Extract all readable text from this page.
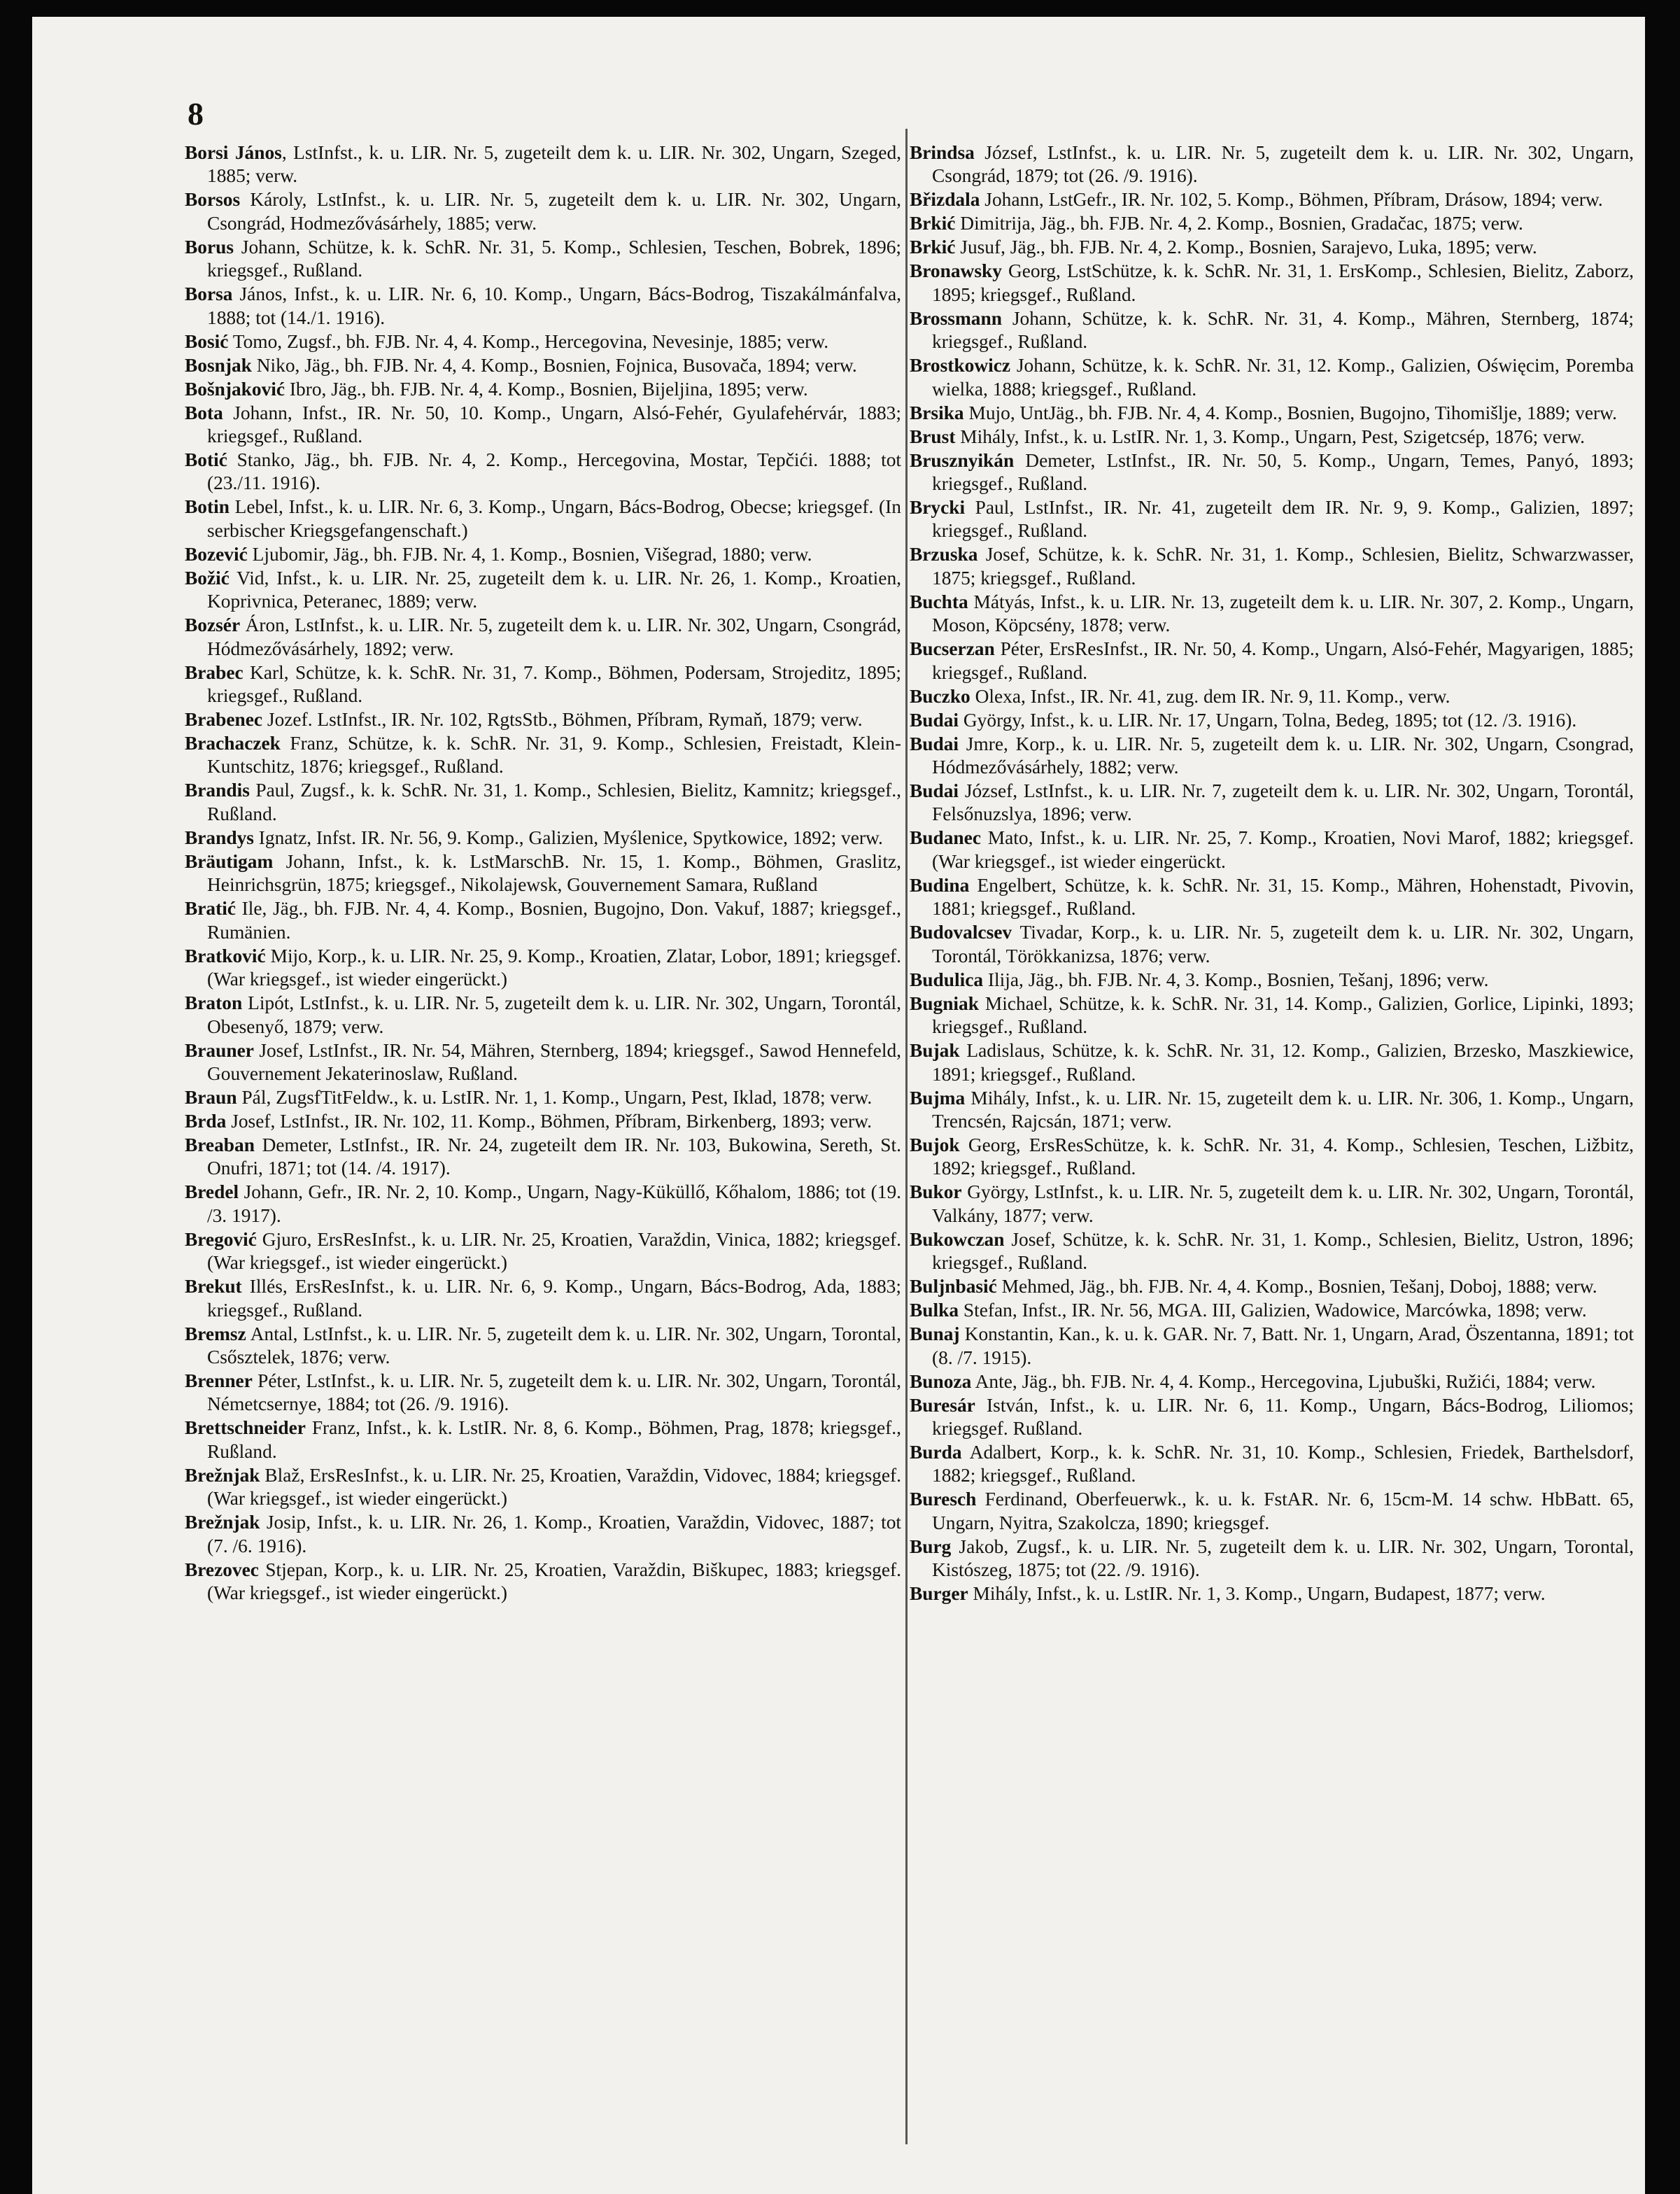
8

Borsi János, LstInfst., k. u. LIR. Nr. 5, zugeteilt dem k. u. LIR. Nr. 302, Ungarn, Szeged, 1885; verw.

Borsos Károly, LstInfst., k. u. LIR. Nr. 5, zugeteilt dem k. u. LIR. Nr. 302, Ungarn, Csongrád, Hodmezővásárhely, 1885; verw.

Borus Johann, Schütze, k. k. SchR. Nr. 31, 5. Komp., Schlesien, Teschen, Bobrek, 1896; kriegsgef., Rußland.

Borsa János, Infst., k. u. LIR. Nr. 6, 10. Komp., Ungarn, Bács-Bodrog, Tiszakálmánfalva, 1888; tot (14./1. 1916).

Bosić Tomo, Zugsf., bh. FJB. Nr. 4, 4. Komp., Hercegovina, Nevesinje, 1885; verw.

Bosnjak Niko, Jäg., bh. FJB. Nr. 4, 4. Komp., Bosnien, Fojnica, Busovača, 1894; verw.

Bošnjaković Ibro, Jäg., bh. FJB. Nr. 4, 4. Komp., Bosnien, Bijeljina, 1895; verw.

Bota Johann, Infst., IR. Nr. 50, 10. Komp., Ungarn, Alsó-Fehér, Gyulafehérvár, 1883; kriegsgef., Rußland.

Botić Stanko, Jäg., bh. FJB. Nr. 4, 2. Komp., Hercegovina, Mostar, Tepčići. 1888; tot (23./11. 1916).

Botin Lebel, Infst., k. u. LIR. Nr. 6, 3. Komp., Ungarn, Bács-Bodrog, Obecse; kriegsgef. (In serbischer Kriegsgefangenschaft.)

Bozević Ljubomir, Jäg., bh. FJB. Nr. 4, 1. Komp., Bosnien, Višegrad, 1880; verw.

Božić Vid, Infst., k. u. LIR. Nr. 25, zugeteilt dem k. u. LIR. Nr. 26, 1. Komp., Kroatien, Koprivnica, Peteranec, 1889; verw.

Bozsér Áron, LstInfst., k. u. LIR. Nr. 5, zugeteilt dem k. u. LIR. Nr. 302, Ungarn, Csongrád, Hódmezővásárhely, 1892; verw.

Brabec Karl, Schütze, k. k. SchR. Nr. 31, 7. Komp., Böhmen, Podersam, Strojeditz, 1895; kriegsgef., Rußland.

Brabenec Jozef. LstInfst., IR. Nr. 102, RgtsStb., Böhmen, Příbram, Rymaň, 1879; verw.

Brachaczek Franz, Schütze, k. k. SchR. Nr. 31, 9. Komp., Schlesien, Freistadt, Klein-Kuntschitz, 1876; kriegsgef., Rußland.

Brandis Paul, Zugsf., k. k. SchR. Nr. 31, 1. Komp., Schlesien, Bielitz, Kamnitz; kriegsgef., Rußland.

Brandys Ignatz, Infst. IR. Nr. 56, 9. Komp., Galizien, Myślenice, Spytkowice, 1892; verw.

Bräutigam Johann, Infst., k. k. LstMarschB. Nr. 15, 1. Komp., Böhmen, Graslitz, Heinrichsgrün, 1875; kriegsgef., Nikolajewsk, Gouvernement Samara, Rußland

Bratić Ile, Jäg., bh. FJB. Nr. 4, 4. Komp., Bosnien, Bugojno, Don. Vakuf, 1887; kriegsgef., Rumänien.

Bratković Mijo, Korp., k. u. LIR. Nr. 25, 9. Komp., Kroatien, Zlatar, Lobor, 1891; kriegsgef. (War kriegsgef., ist wieder eingerückt.)

Braton Lipót, LstInfst., k. u. LIR. Nr. 5, zugeteilt dem k. u. LIR. Nr. 302, Ungarn, Torontál, Obesenyő, 1879; verw.

Brauner Josef, LstInfst., IR. Nr. 54, Mähren, Sternberg, 1894; kriegsgef., Sawod Hennefeld, Gouvernement Jekaterinoslaw, Rußland.

Braun Pál, ZugsfTitFeldw., k. u. LstIR. Nr. 1, 1. Komp., Ungarn, Pest, Iklad, 1878; verw.

Brda Josef, LstInfst., IR. Nr. 102, 11. Komp., Böhmen, Příbram, Birkenberg, 1893; verw.

Breaban Demeter, LstInfst., IR. Nr. 24, zugeteilt dem IR. Nr. 103, Bukowina, Sereth, St. Onufri, 1871; tot (14. /4. 1917).

Bredel Johann, Gefr., IR. Nr. 2, 10. Komp., Ungarn, Nagy-Küküllő, Kőhalom, 1886; tot (19. /3. 1917).

Bregović Gjuro, ErsResInfst., k. u. LIR. Nr. 25, Kroatien, Varaždin, Vinica, 1882; kriegsgef. (War kriegsgef., ist wieder eingerückt.)

Brekut Illés, ErsResInfst., k. u. LIR. Nr. 6, 9. Komp., Ungarn, Bács-Bodrog, Ada, 1883; kriegsgef., Rußland.

Bremsz Antal, LstInfst., k. u. LIR. Nr. 5, zugeteilt dem k. u. LIR. Nr. 302, Ungarn, Torontal, Csősztelek, 1876; verw.

Brenner Péter, LstInfst., k. u. LIR. Nr. 5, zugeteilt dem k. u. LIR. Nr. 302, Ungarn, Torontál, Németcsernye, 1884; tot (26. /9. 1916).

Brettschneider Franz, Infst., k. k. LstIR. Nr. 8, 6. Komp., Böhmen, Prag, 1878; kriegsgef., Rußland.

Brežnjak Blaž, ErsResInfst., k. u. LIR. Nr. 25, Kroatien, Varaždin, Vidovec, 1884; kriegsgef. (War kriegsgef., ist wieder eingerückt.)

Brežnjak Josip, Infst., k. u. LIR. Nr. 26, 1. Komp., Kroatien, Varaždin, Vidovec, 1887; tot (7. /6. 1916).

Brezovec Stjepan, Korp., k. u. LIR. Nr. 25, Kroatien, Varaždin, Biškupec, 1883; kriegsgef. (War kriegsgef., ist wieder eingerückt.)

Brindsa József, LstInfst., k. u. LIR. Nr. 5, zugeteilt dem k. u. LIR. Nr. 302, Ungarn, Csongrád, 1879; tot (26. /9. 1916).

Břizdala Johann, LstGefr., IR. Nr. 102, 5. Komp., Böhmen, Příbram, Drásow, 1894; verw.

Brkić Dimitrija, Jäg., bh. FJB. Nr. 4, 2. Komp., Bosnien, Gradačac, 1875; verw.

Brkić Jusuf, Jäg., bh. FJB. Nr. 4, 2. Komp., Bosnien, Sarajevo, Luka, 1895; verw.

Bronawsky Georg, LstSchütze, k. k. SchR. Nr. 31, 1. ErsKomp., Schlesien, Bielitz, Zaborz, 1895; kriegsgef., Rußland.

Brossmann Johann, Schütze, k. k. SchR. Nr. 31, 4. Komp., Mähren, Sternberg, 1874; kriegsgef., Rußland.

Brostkowicz Johann, Schütze, k. k. SchR. Nr. 31, 12. Komp., Galizien, Oświęcim, Poremba wielka, 1888; kriegsgef., Rußland.

Brsika Mujo, UntJäg., bh. FJB. Nr. 4, 4. Komp., Bosnien, Bugojno, Tihomišlje, 1889; verw.

Brust Mihály, Infst., k. u. LstIR. Nr. 1, 3. Komp., Ungarn, Pest, Szigetcsép, 1876; verw.

Brusznyikán Demeter, LstInfst., IR. Nr. 50, 5. Komp., Ungarn, Temes, Panyó, 1893; kriegsgef., Rußland.

Brycki Paul, LstInfst., IR. Nr. 41, zugeteilt dem IR. Nr. 9, 9. Komp., Galizien, 1897; kriegsgef., Rußland.

Brzuska Josef, Schütze, k. k. SchR. Nr. 31, 1. Komp., Schlesien, Bielitz, Schwarzwasser, 1875; kriegsgef., Rußland.

Buchta Mátyás, Infst., k. u. LIR. Nr. 13, zugeteilt dem k. u. LIR. Nr. 307, 2. Komp., Ungarn, Moson, Köpcsény, 1878; verw.

Bucserzan Péter, ErsResInfst., IR. Nr. 50, 4. Komp., Ungarn, Alsó-Fehér, Magyarigen, 1885; kriegsgef., Rußland.

Buczko Olexa, Infst., IR. Nr. 41, zug. dem IR. Nr. 9, 11. Komp., verw.

Budai György, Infst., k. u. LIR. Nr. 17, Ungarn, Tolna, Bedeg, 1895; tot (12. /3. 1916).

Budai Jmre, Korp., k. u. LIR. Nr. 5, zugeteilt dem k. u. LIR. Nr. 302, Ungarn, Csongrad, Hódmezővásárhely, 1882; verw.

Budai József, LstInfst., k. u. LIR. Nr. 7, zugeteilt dem k. u. LIR. Nr. 302, Ungarn, Torontál, Felsőnuzslya, 1896; verw.

Budanec Mato, Infst., k. u. LIR. Nr. 25, 7. Komp., Kroatien, Novi Marof, 1882; kriegsgef. (War kriegsgef., ist wieder eingerückt.

Budina Engelbert, Schütze, k. k. SchR. Nr. 31, 15. Komp., Mähren, Hohenstadt, Pivovin, 1881; kriegsgef., Rußland.

Budovalcsev Tivadar, Korp., k. u. LIR. Nr. 5, zugeteilt dem k. u. LIR. Nr. 302, Ungarn, Torontál, Törökkanizsa, 1876; verw.

Budulica Ilija, Jäg., bh. FJB. Nr. 4, 3. Komp., Bosnien, Tešanj, 1896; verw.

Bugniak Michael, Schütze, k. k. SchR. Nr. 31, 14. Komp., Galizien, Gorlice, Lipinki, 1893; kriegsgef., Rußland.

Bujak Ladislaus, Schütze, k. k. SchR. Nr. 31, 12. Komp., Galizien, Brzesko, Maszkiewice, 1891; kriegsgef., Rußland.

Bujma Mihály, Infst., k. u. LIR. Nr. 15, zugeteilt dem k. u. LIR. Nr. 306, 1. Komp., Ungarn, Trencsén, Rajcsán, 1871; verw.

Bujok Georg, ErsResSchütze, k. k. SchR. Nr. 31, 4. Komp., Schlesien, Teschen, Ližbitz, 1892; kriegsgef., Rußland.

Bukor György, LstInfst., k. u. LIR. Nr. 5, zugeteilt dem k. u. LIR. Nr. 302, Ungarn, Torontál, Valkány, 1877; verw.

Bukowczan Josef, Schütze, k. k. SchR. Nr. 31, 1. Komp., Schlesien, Bielitz, Ustron, 1896; kriegsgef., Rußland.

Buljnbasić Mehmed, Jäg., bh. FJB. Nr. 4, 4. Komp., Bosnien, Tešanj, Doboj, 1888; verw.

Bulka Stefan, Infst., IR. Nr. 56, MGA. III, Galizien, Wadowice, Marcówka, 1898; verw.

Bunaj Konstantin, Kan., k. u. k. GAR. Nr. 7, Batt. Nr. 1, Ungarn, Arad, Öszentanna, 1891; tot (8. /7. 1915).

Bunoza Ante, Jäg., bh. FJB. Nr. 4, 4. Komp., Hercegovina, Ljubuški, Ružići, 1884; verw.

Buresár István, Infst., k. u. LIR. Nr. 6, 11. Komp., Ungarn, Bács-Bodrog, Liliomos; kriegsgef. Rußland.

Burda Adalbert, Korp., k. k. SchR. Nr. 31, 10. Komp., Schlesien, Friedek, Barthelsdorf, 1882; kriegsgef., Rußland.

Buresch Ferdinand, Oberfeuerwk., k. u. k. FstAR. Nr. 6, 15cm-M. 14 schw. HbBatt. 65, Ungarn, Nyitra, Szakolcza, 1890; kriegsgef.

Burg Jakob, Zugsf., k. u. LIR. Nr. 5, zugeteilt dem k. u. LIR. Nr. 302, Ungarn, Torontal, Kistószeg, 1875; tot (22. /9. 1916).

Burger Mihály, Infst., k. u. LstIR. Nr. 1, 3. Komp., Ungarn, Budapest, 1877; verw.
